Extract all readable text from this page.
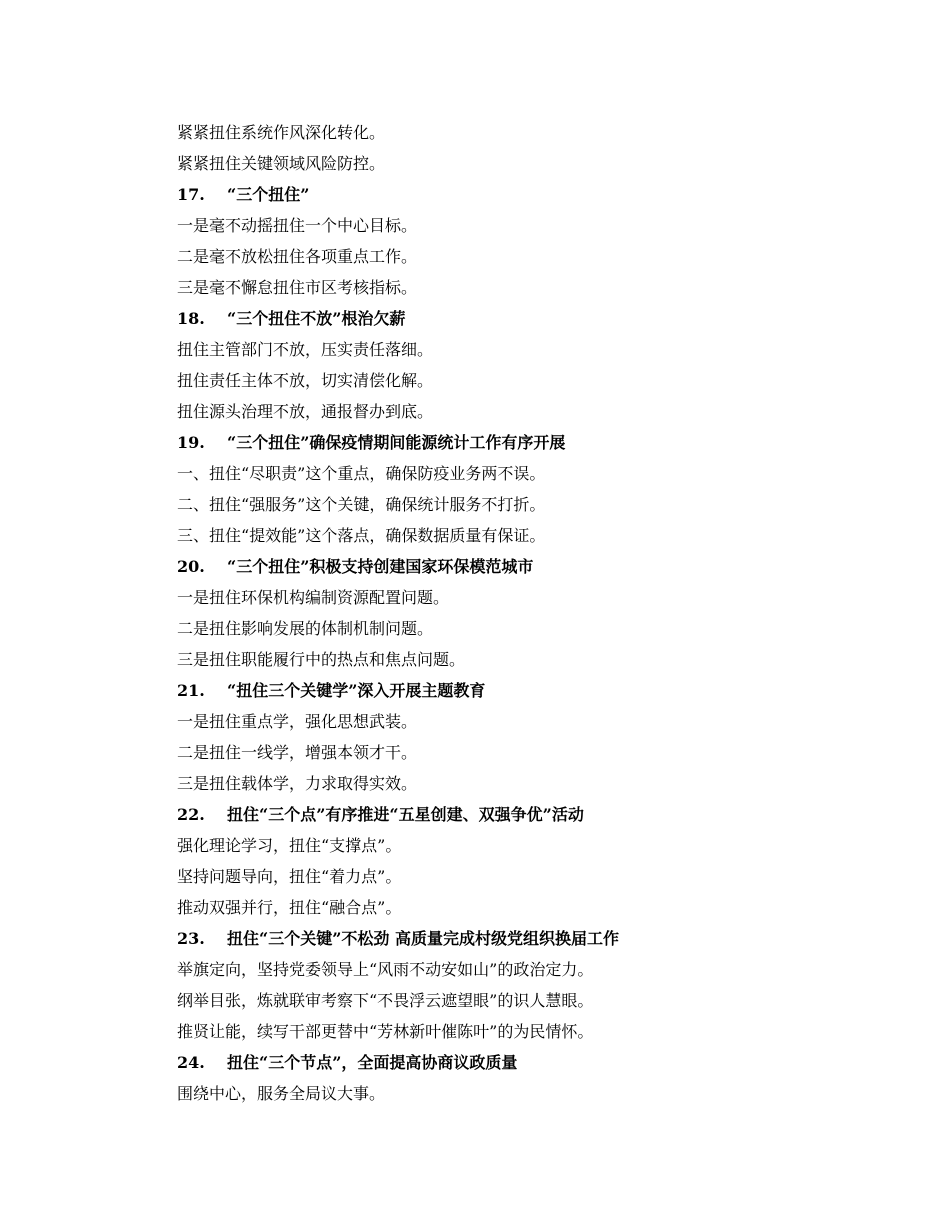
紧紧扭住系统作风深化转化。
紧紧扭住关键领域风险防控。
17. “三个扭住”
一是毫不动摇扭住一个中心目标。
二是毫不放松扭住各项重点工作。
三是毫不懈怠扭住市区考核指标。
18. “三个扭住不放”根治欠薪
扭住主管部门不放，压实责任落细。
扭住责任主体不放，切实清偿化解。
扭住源头治理不放，通报督办到底。
19. “三个扭住”确保疫情期间能源统计工作有序开展
一、扭住“尽职责”这个重点，确保防疫业务两不误。
二、扭住“强服务”这个关键，确保统计服务不打折。
三、扭住“提效能”这个落点，确保数据质量有保证。
20. “三个扭住”积极支持创建国家环保模范城市
一是扭住环保机构编制资源配置问题。
二是扭住影响发展的体制机制问题。
三是扭住职能履行中的热点和焦点问题。
21. “扭住三个关键学”深入开展主题教育
一是扭住重点学，强化思想武装。
二是扭住一线学，增强本领才干。
三是扭住载体学，力求取得实效。
22. 扭住“三个点”有序推进“五星创建、双强争优”活动
强化理论学习，扭住“支撑点”。
坚持问题导向，扭住“着力点”。
推动双强并行，扭住“融合点”。
23. 扭住“三个关键”不松劲 高质量完成村级党组织换届工作
举旗定向，坚持党委领导上“风雨不动安如山”的政治定力。
纲举目张，炼就联审考察下“不畏浮云遮望眼”的识人慧眼。
推贤让能，续写干部更替中“芳林新叶催陈叶”的为民情怀。
24. 扭住“三个节点”，全面提高协商议政质量
围绕中心，服务全局议大事。
